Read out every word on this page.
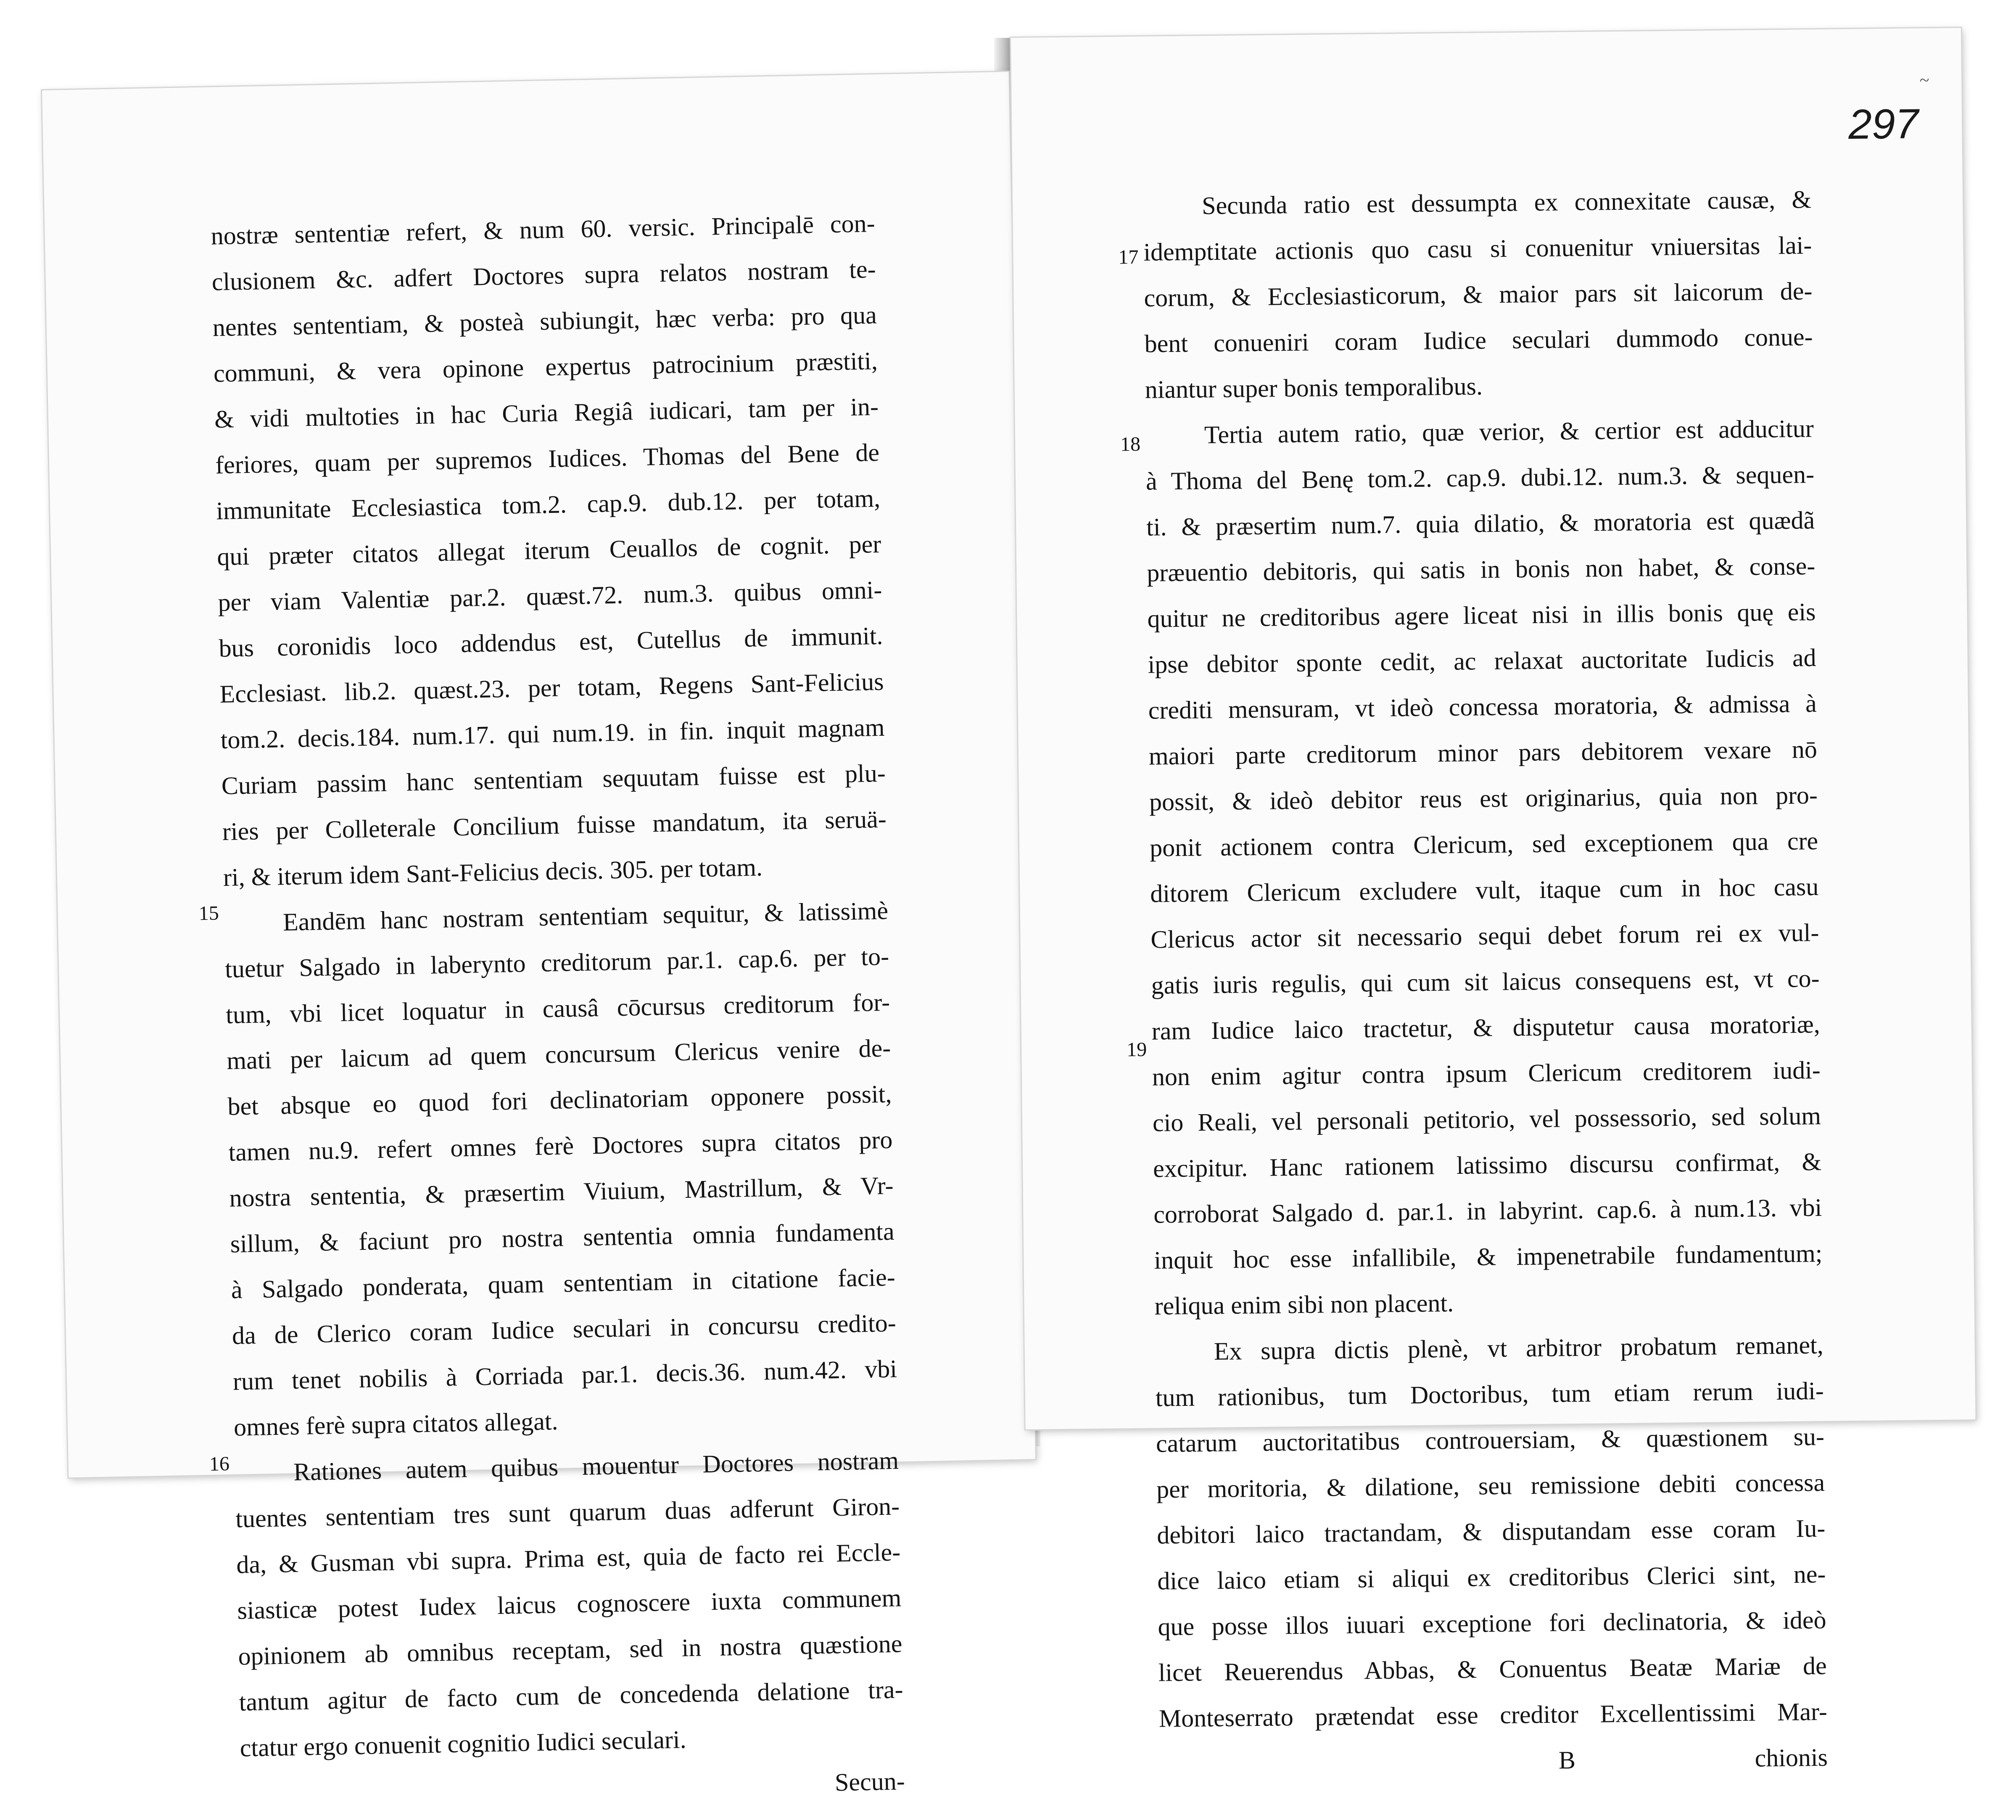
nostræ sententiæ refert, & num 60. versic. Principalē con-
clusionem &c. adfert Doctores supra relatos nostram te-
nentes sententiam, & posteà subiungit, hæc verba: pro qua
communi, & vera opinone expertus patrocinium præstiti,
& vidi multoties in hac Curia Regiâ iudicari, tam per in-
feriores, quam per supremos Iudices. Thomas del Bene de
immunitate Ecclesiastica tom.2. cap.9. dub.12. per totam,
qui præter citatos allegat iterum Ceuallos de cognit. per
per viam Valentiæ par.2. quæst.72. num.3. quibus omni-
bus coronidis loco addendus est, Cutellus de immunit.
Ecclesiast. lib.2. quæst.23. per totam, Regens Sant-Felicius
tom.2. decis.184. num.17. qui num.19. in fin. inquit magnam
Curiam passim hanc sententiam sequutam fuisse est plu-
ries per Colleterale Concilium fuisse mandatum, ita seruä-
ri, & iterum idem Sant-Felicius decis. 305. per totam.
Eandēm hanc nostram sententiam sequitur, & latissimè
tuetur Salgado in laberynto creditorum par.1. cap.6. per to-
tum, vbi licet loquatur in causâ cōcursus creditorum for-
mati per laicum ad quem concursum Clericus venire de-
bet absque eo quod fori declinatoriam opponere possit,
tamen nu.9. refert omnes ferè Doctores supra citatos pro
nostra sententia, & præsertim Viuium, Mastrillum, & Vr-
sillum, & faciunt pro nostra sententia omnia fundamenta
à Salgado ponderata, quam sententiam in citatione facie-
da de Clerico coram Iudice seculari in concursu credito-
rum tenet nobilis à Corriada par.1. decis.36. num.42. vbi
omnes ferè supra citatos allegat.
Rationes autem quibus mouentur Doctores nostram
tuentes sententiam tres sunt quarum duas adferunt Giron-
da, & Gusman vbi supra. Prima est, quia de facto rei Eccle-
siasticæ potest Iudex laicus cognoscere iuxta communem
opinionem ab omnibus receptam, sed in nostra quæstione
tantum agitur de facto cum de concedenda delatione tra-
ctatur ergo conuenit cognitio Iudici seculari.
Secun-
15
16
297
~
Secunda ratio est dessumpta ex connexitate causæ, &
idemptitate actionis quo casu si conuenitur vniuersitas lai-
corum, & Ecclesiasticorum, & maior pars sit laicorum de-
bent conueniri coram Iudice seculari dummodo conue-
niantur super bonis temporalibus.
Tertia autem ratio, quæ verior, & certior est adducitur
à Thoma del Benę tom.2. cap.9. dubi.12. num.3. & sequen-
ti. & præsertim num.7. quia dilatio, & moratoria est quædã
præuentio debitoris, qui satis in bonis non habet, & conse-
quitur ne creditoribus agere liceat nisi in illis bonis quę eis
ipse debitor sponte cedit, ac relaxat auctoritate Iudicis ad
crediti mensuram, vt ideò concessa moratoria, & admissa à
maiori parte creditorum minor pars debitorem vexare nō
possit, & ideò debitor reus est originarius, quia non pro-
ponit actionem contra Clericum, sed exceptionem qua cre
ditorem Clericum excludere vult, itaque cum in hoc casu
Clericus actor sit necessario sequi debet forum rei ex vul-
gatis iuris regulis, qui cum sit laicus consequens est, vt co-
ram Iudice laico tractetur, & disputetur causa moratoriæ,
non enim agitur contra ipsum Clericum creditorem iudi-
cio Reali, vel personali petitorio, vel possessorio, sed solum
excipitur. Hanc rationem latissimo discursu confirmat, &
corroborat Salgado d. par.1. in labyrint. cap.6. à num.13. vbi
inquit hoc esse infallibile, & impenetrabile fundamentum;
reliqua enim sibi non placent.
Ex supra dictis plenè, vt arbitror probatum remanet,
tum rationibus, tum Doctoribus, tum etiam rerum iudi-
catarum auctoritatibus controuersiam, & quæstionem su-
per moritoria, & dilatione, seu remissione debiti concessa
debitori laico tractandam, & disputandam esse coram Iu-
dice laico etiam si aliqui ex creditoribus Clerici sint, ne-
que posse illos iuuari exceptione fori declinatoria, & ideò
licet Reuerendus Abbas, & Conuentus Beatæ Mariæ de
Monteserrato prætendat esse creditor Excellentissimi Mar-
B	chionis
17
18
19
